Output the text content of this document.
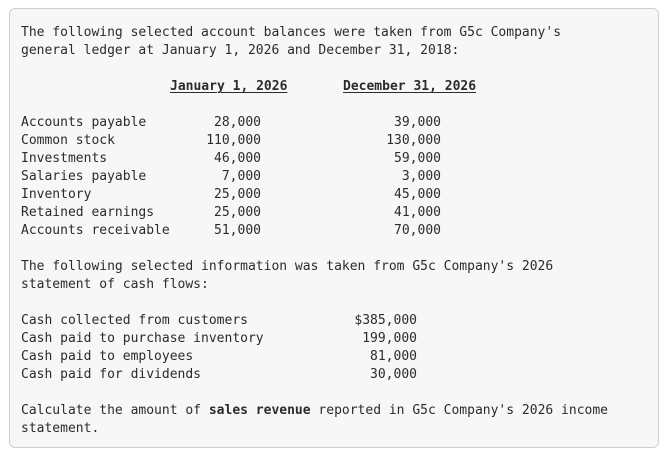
The following selected account balances were taken from G5c Company's general ledger at January 1, 2026 and December 31, 2018:
January 1, 2026	December 31, 2026
Accounts payable	28,000	39,000
Common stock	110,000	130,000
Investments	46,000	59,000
Salaries payable	7,000	3,000
Inventory	25,000	45,000
Retained earnings	25,000	41,000
Accounts receivable	51,000	70,000
The following selected information was taken from G5c Company's 2026 statement of cash flows:
Cash collected from customers	$385,000
Cash paid to purchase inventory	199,000
Cash paid to employees	81,000
Cash paid for dividends	30,000
Calculate the amount of sales revenue reported in G5c Company's 2026 income statement.
